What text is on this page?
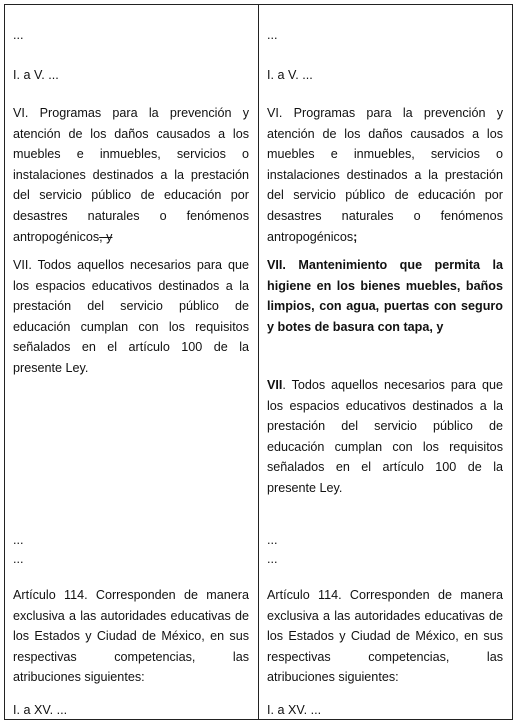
...

I. a V. ...

VI. Programas para la prevención y atención de los daños causados a los muebles e inmuebles, servicios o instalaciones destinados a la prestación del servicio público de educación por desastres naturales o fenómenos antropogénicos, y

VII. Todos aquellos necesarios para que los espacios educativos destinados a la prestación del servicio público de educación cumplan con los requisitos señalados en el artículo 100 de la presente Ley.

...

...

Artículo 114. Corresponden de manera exclusiva a las autoridades educativas de los Estados y Ciudad de México, en sus respectivas competencias, las atribuciones siguientes:

I. a XV. ...

...

I. a V. ...

VI. Programas para la prevención y atención de los daños causados a los muebles e inmuebles, servicios o instalaciones destinados a la prestación del servicio público de educación por desastres naturales o fenómenos antropogénicos;

VII. Mantenimiento que permita la higiene en los bienes muebles, baños limpios, con agua, puertas con seguro y botes de basura con tapa, y

VII. Todos aquellos necesarios para que los espacios educativos destinados a la prestación del servicio público de educación cumplan con los requisitos señalados en el artículo 100 de la presente Ley.

...

...

Artículo 114. Corresponden de manera exclusiva a las autoridades educativas de los Estados y Ciudad de México, en sus respectivas competencias, las atribuciones siguientes:

I. a XV. ...
